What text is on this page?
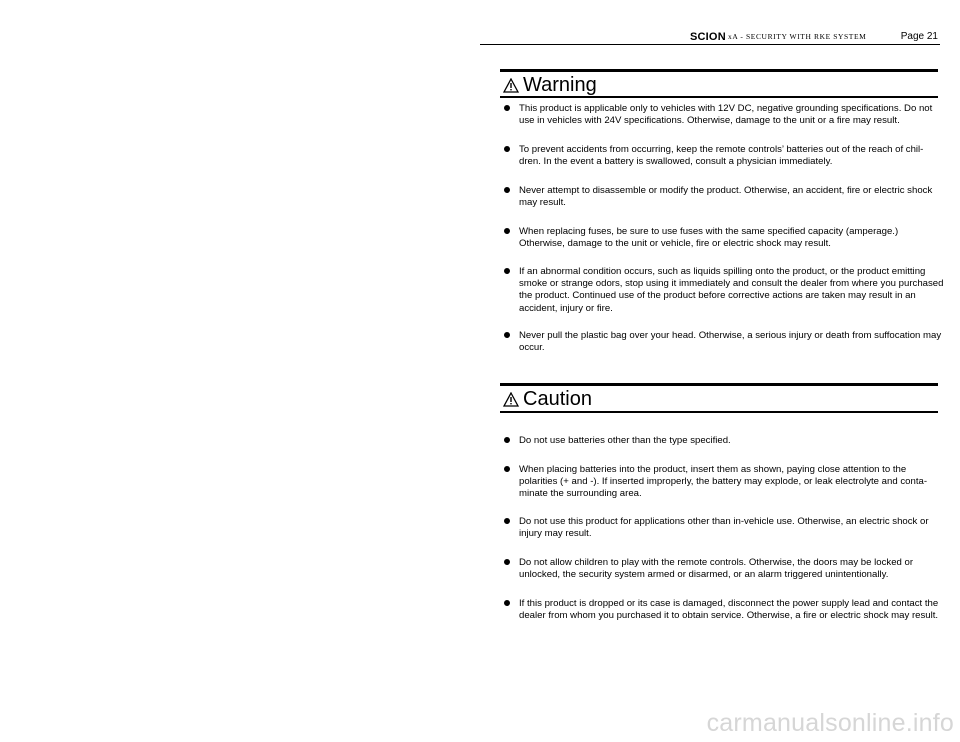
SCION xA - SECURITY WITH RKE SYSTEM	Page 21
Warning
This product is applicable only to vehicles with 12V DC, negative grounding specifications. Do not use in vehicles with 24V specifications. Otherwise, damage to the unit or a fire may result.
To prevent accidents from occurring, keep the remote controls’ batteries out of the reach of chil-dren. In the event a battery is swallowed, consult a physician immediately.
Never attempt to disassemble or modify the product. Otherwise, an accident, fire or electric shock may result.
When replacing fuses, be sure to use fuses with the same specified capacity (amperage.) Otherwise, damage to the unit or vehicle, fire or electric shock may result.
If an abnormal condition occurs, such as liquids spilling onto the product, or the product emitting smoke or strange odors, stop using it immediately and consult the dealer from where you purchased the product. Continued use of the product before corrective actions are taken may result in an accident, injury or fire.
Never pull the plastic bag over your head. Otherwise, a serious injury or death from suffocation may occur.
Caution
Do not use batteries other than the type specified.
When placing batteries into the product, insert them as shown, paying close attention to the polarities (+ and -). If inserted improperly, the battery may explode, or leak electrolyte and conta-minate the surrounding area.
Do not use this product for applications other than in-vehicle use. Otherwise, an electric shock or injury may result.
Do not allow children to play with the remote controls. Otherwise, the doors may be locked or unlocked, the security system armed or disarmed, or an alarm triggered unintentionally.
If this product is dropped or its case is damaged, disconnect the power supply lead and contact the dealer from whom you purchased it to obtain service. Otherwise, a fire or electric shock may result.
carmanualsonline.info
